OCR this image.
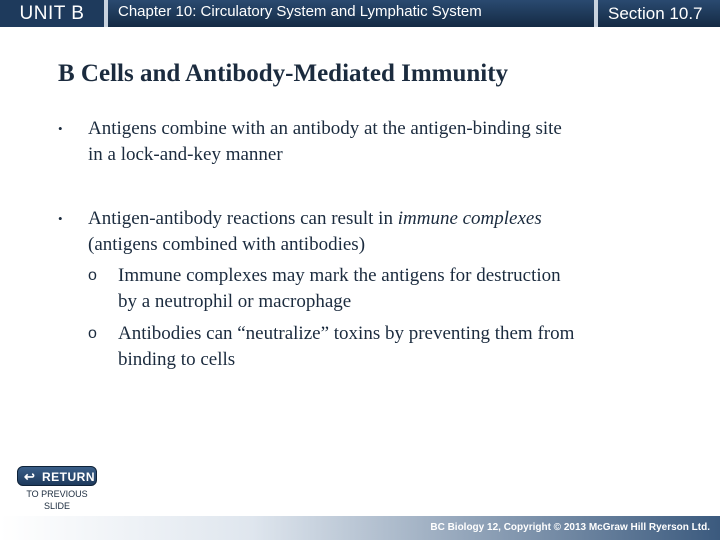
UNIT B	Chapter 10: Circulatory System and Lymphatic System	Section 10.7
B Cells and Antibody-Mediated Immunity
• Antigens combine with an antibody at the antigen-binding site
in a lock-and-key manner
• Antigen-antibody reactions can result in immune complexes
(antigens combined with antibodies)
o Immune complexes may mark the antigens for destruction
by a neutrophil or macrophage
o Antibodies can “neutralize” toxins by preventing them from
binding to cells
↩ RETURN
TO PREVIOUS
SLIDE
BC Biology 12, Copyright © 2013 McGraw Hill Ryerson Ltd.
